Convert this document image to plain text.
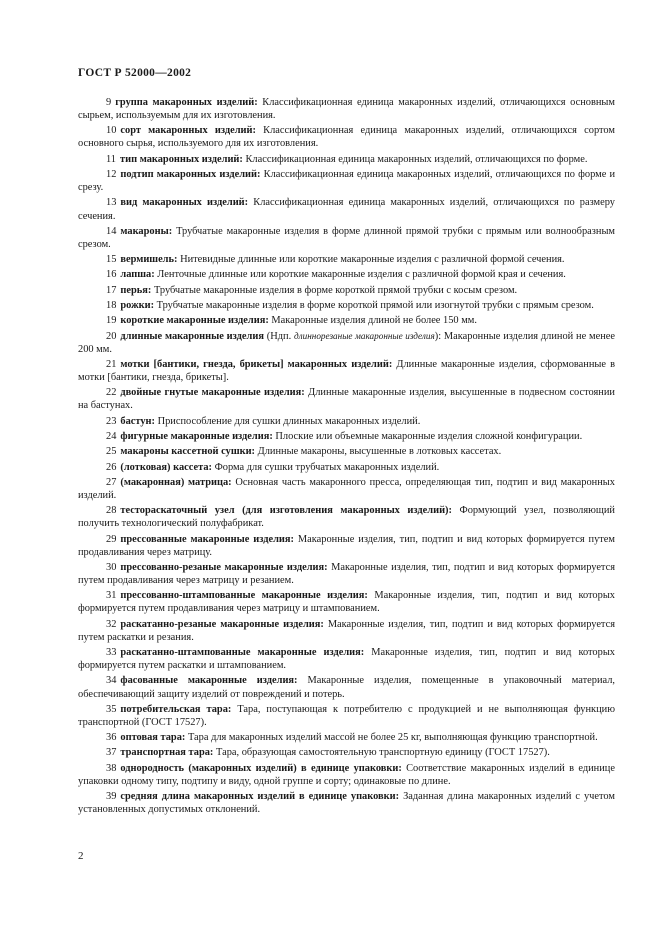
ГОСТ Р 52000—2002

9 группа макаронных изделий: Классификационная единица макаронных изделий, отличающихся основным сырьем, используемым для их изготовления.

10 сорт макаронных изделий: Классификационная единица макаронных изделий, отличающихся сортом основного сырья, используемого для их изготовления.

11 тип макаронных изделий: Классификационная единица макаронных изделий, отличающихся по форме.

12 подтип макаронных изделий: Классификационная единица макаронных изделий, отличающихся по форме и срезу.

13 вид макаронных изделий: Классификационная единица макаронных изделий, отличающихся по размеру сечения.

14 макароны: Трубчатые макаронные изделия в форме длинной прямой трубки с прямым или волнообразным срезом.

15 вермишель: Нитевидные длинные или короткие макаронные изделия с различной формой сечения.

16 лапша: Ленточные длинные или короткие макаронные изделия с различной формой края и сечения.

17 перья: Трубчатые макаронные изделия в форме короткой прямой трубки с косым срезом.

18 рожки: Трубчатые макаронные изделия в форме короткой прямой или изогнутой трубки с прямым срезом.

19 короткие макаронные изделия: Макаронные изделия длиной не более 150 мм.

20 длинные макаронные изделия (Ндп. длиннорезаные макаронные изделия): Макаронные изделия длиной не менее 200 мм.

21 мотки [бантики, гнезда, брикеты] макаронных изделий: Длинные макаронные изделия, сформованные в мотки [бантики, гнезда, брикеты].

22 двойные гнутые макаронные изделия: Длинные макаронные изделия, высушенные в подвесном состоянии на бастунах.

23 бастун: Приспособление для сушки длинных макаронных изделий.

24 фигурные макаронные изделия: Плоские или объемные макаронные изделия сложной конфигурации.

25 макароны кассетной сушки: Длинные макароны, высушенные в лотковых кассетах.

26 (лотковая) кассета: Форма для сушки трубчатых макаронных изделий.

27 (макаронная) матрица: Основная часть макаронного пресса, определяющая тип, подтип и вид макаронных изделий.

28 тестораскаточный узел (для изготовления макаронных изделий): Формующий узел, позволяющий получить технологический полуфабрикат.

29 прессованные макаронные изделия: Макаронные изделия, тип, подтип и вид которых формируется путем продавливания через матрицу.

30 прессованно-резаные макаронные изделия: Макаронные изделия, тип, подтип и вид которых формируется путем продавливания через матрицу и резанием.

31 прессованно-штампованные макаронные изделия: Макаронные изделия, тип, подтип и вид которых формируется путем продавливания через матрицу и штампованием.

32 раскатанно-резаные макаронные изделия: Макаронные изделия, тип, подтип и вид которых формируется путем раскатки и резания.

33 раскатанно-штампованные макаронные изделия: Макаронные изделия, тип, подтип и вид которых формируется путем раскатки и штампованием.

34 фасованные макаронные изделия: Макаронные изделия, помещенные в упаковочный материал, обеспечивающий защиту изделий от повреждений и потерь.

35 потребительская тара: Тара, поступающая к потребителю с продукцией и не выполняющая функцию транспортной (ГОСТ 17527).

36 оптовая тара: Тара для макаронных изделий массой не более 25 кг, выполняющая функцию транспортной.

37 транспортная тара: Тара, образующая самостоятельную транспортную единицу (ГОСТ 17527).

38 однородность (макаронных изделий) в единице упаковки: Соответствие макаронных изделий в единице упаковки одному типу, подтипу и виду, одной группе и сорту; одинаковые по длине.

39 средняя длина макаронных изделий в единице упаковки: Заданная длина макаронных изделий с учетом установленных допустимых отклонений.

2
